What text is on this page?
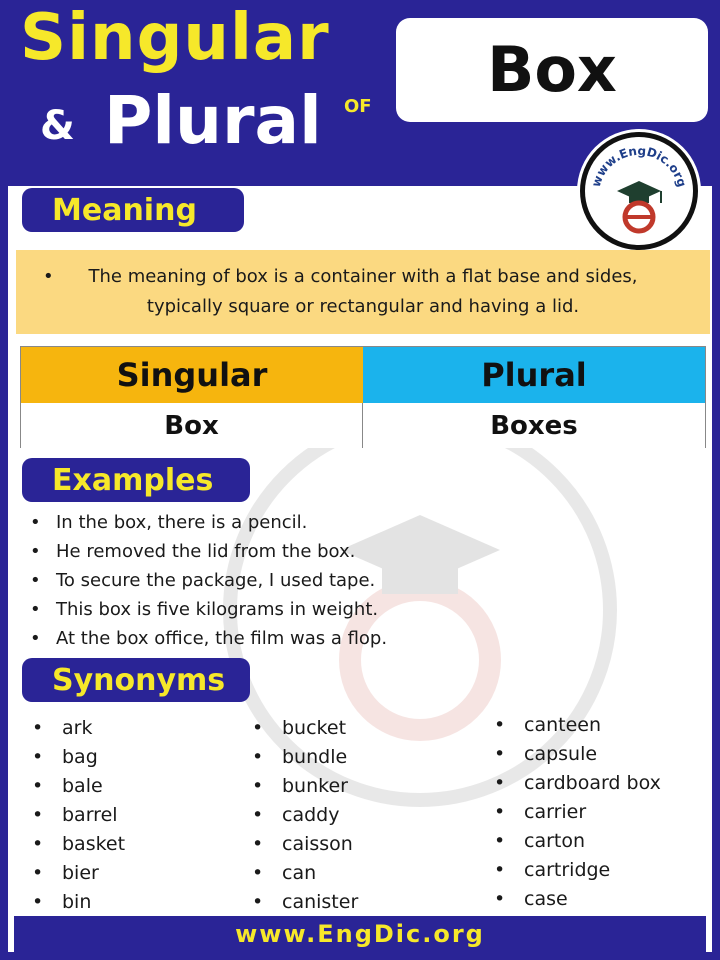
Singular
& Plural OF
Box
www.EngDic.org
Meaning
• The meaning of box is a container with a flat base and sides, typically square or rectangular and having a lid.
Singular	Plural
Box	Boxes
Examples
• In the box, there is a pencil.
• He removed the lid from the box.
• To secure the package, I used tape.
• This box is five kilograms in weight.
• At the box office, the film was a flop.
Synonyms
• ark
• bag
• bale
• barrel
• basket
• bier
• bin
• bucket
• bundle
• bunker
• caddy
• caisson
• can
• canister
• canteen
• capsule
• cardboard box
• carrier
• carton
• cartridge
• case
www.EngDic.org
